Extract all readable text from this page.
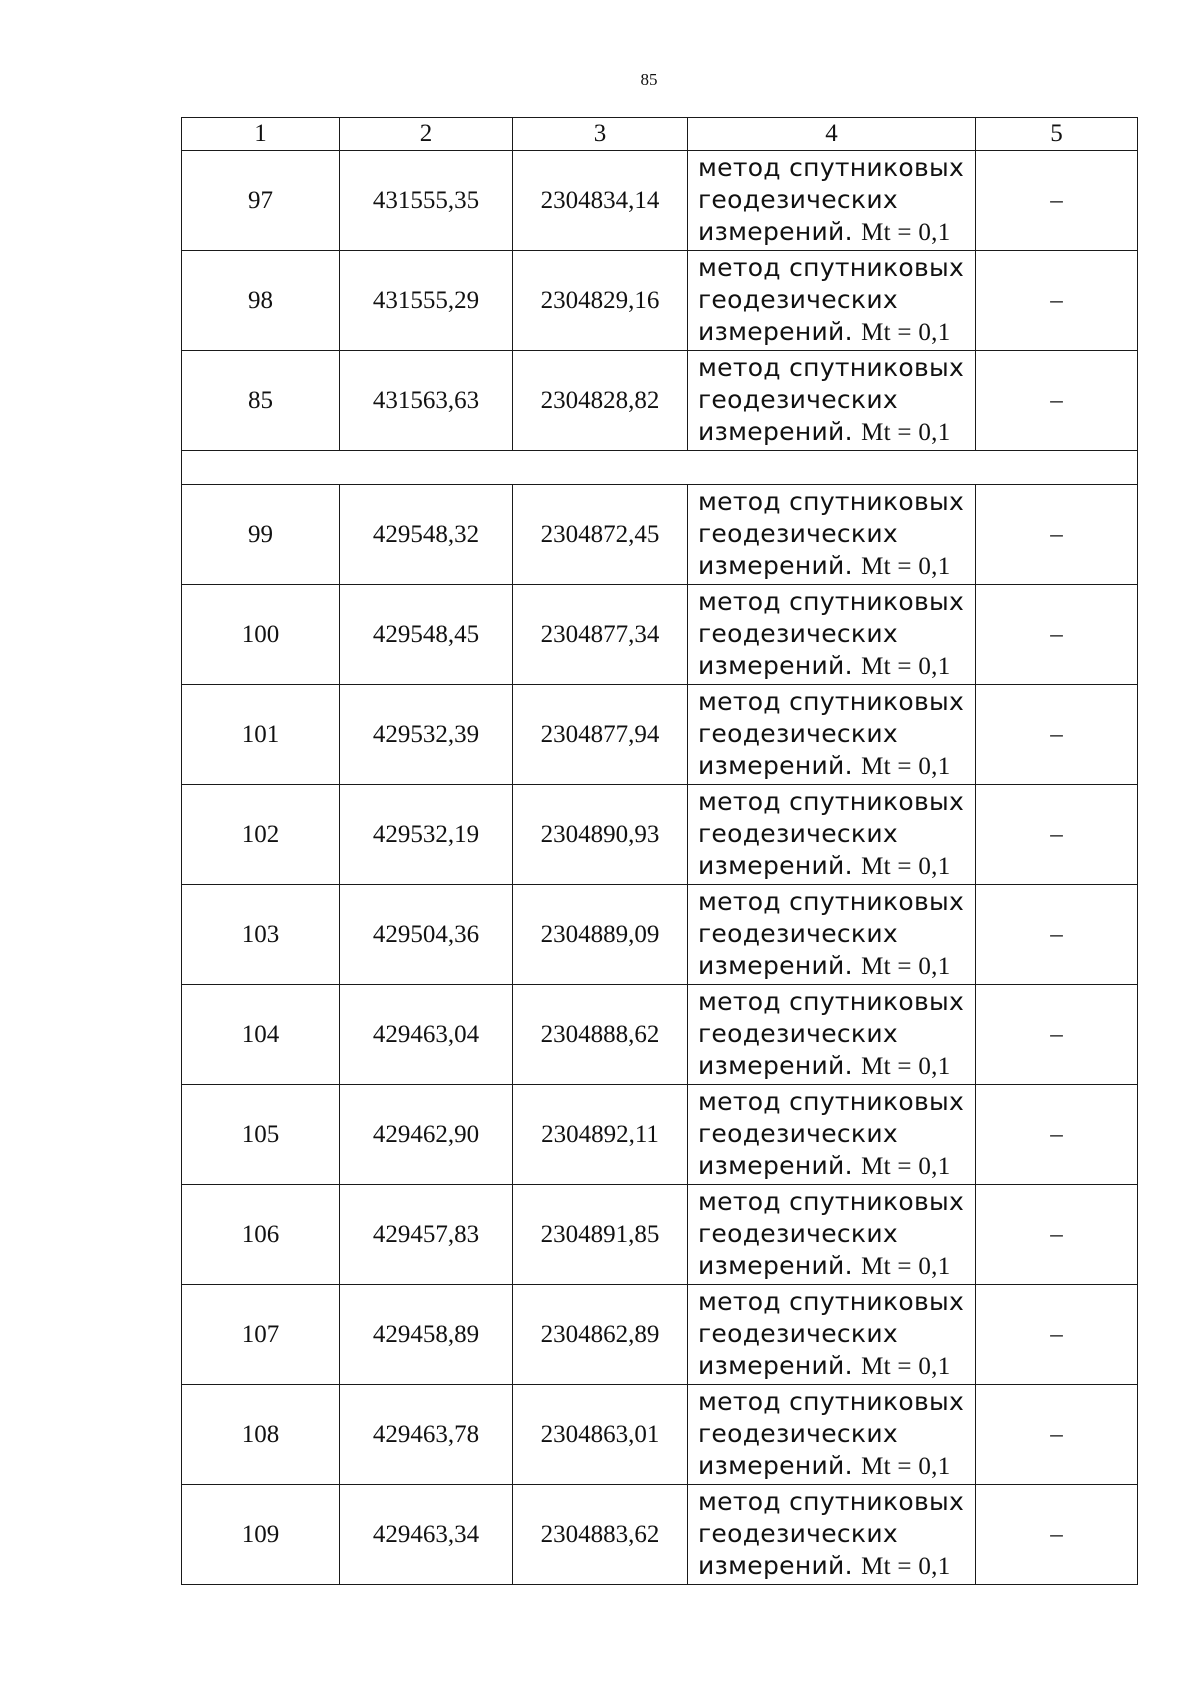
85
1	2	3	4	5
97	431555,35	2304834,14	метод спутниковых
геодезических
измерений. Mt = 0,1	–
98	431555,29	2304829,16	метод спутниковых
геодезических
измерений. Mt = 0,1	–
85	431563,63	2304828,82	метод спутниковых
геодезических
измерений. Mt = 0,1	–

99	429548,32	2304872,45	метод спутниковых
геодезических
измерений. Mt = 0,1	–
100	429548,45	2304877,34	метод спутниковых
геодезических
измерений. Mt = 0,1	–
101	429532,39	2304877,94	метод спутниковых
геодезических
измерений. Mt = 0,1	–
102	429532,19	2304890,93	метод спутниковых
геодезических
измерений. Mt = 0,1	–
103	429504,36	2304889,09	метод спутниковых
геодезических
измерений. Mt = 0,1	–
104	429463,04	2304888,62	метод спутниковых
геодезических
измерений. Mt = 0,1	–
105	429462,90	2304892,11	метод спутниковых
геодезических
измерений. Mt = 0,1	–
106	429457,83	2304891,85	метод спутниковых
геодезических
измерений. Mt = 0,1	–
107	429458,89	2304862,89	метод спутниковых
геодезических
измерений. Mt = 0,1	–
108	429463,78	2304863,01	метод спутниковых
геодезических
измерений. Mt = 0,1	–
109	429463,34	2304883,62	метод спутниковых
геодезических
измерений. Mt = 0,1	–
